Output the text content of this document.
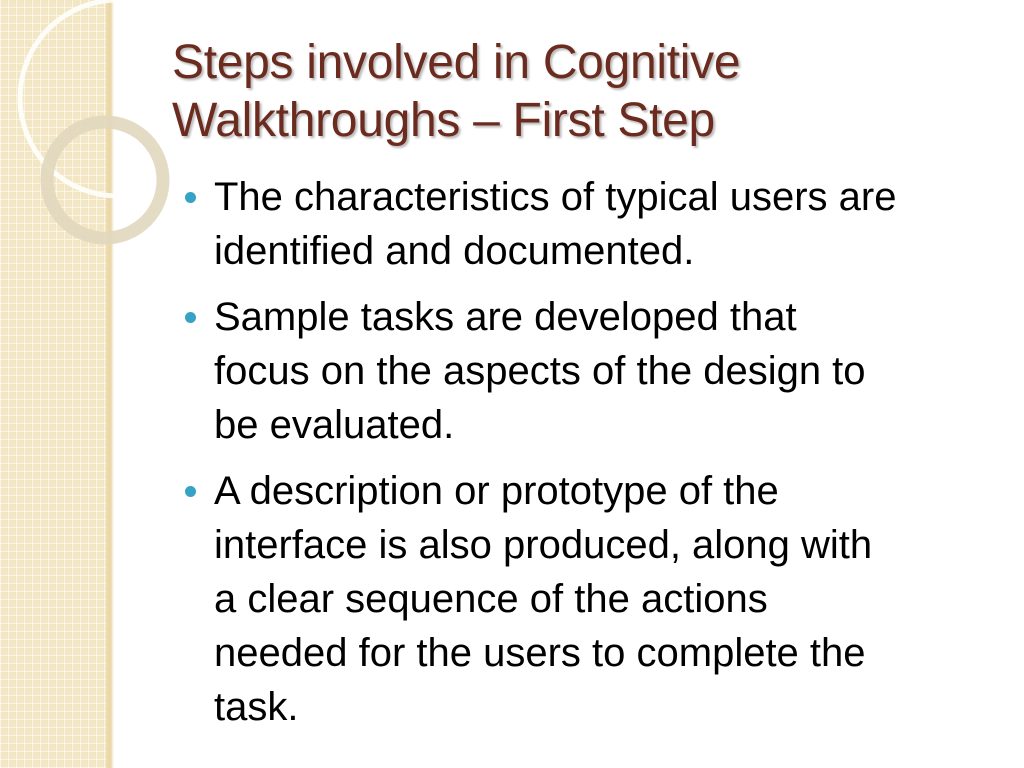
Steps involved in Cognitive
Walkthroughs – First Step
The characteristics of typical users are
identified and documented.
Sample tasks are developed that
focus on the aspects of the design to
be evaluated.
A description or prototype of the
interface is also produced, along with
a clear sequence of the actions
needed for the users to complete the
task.
